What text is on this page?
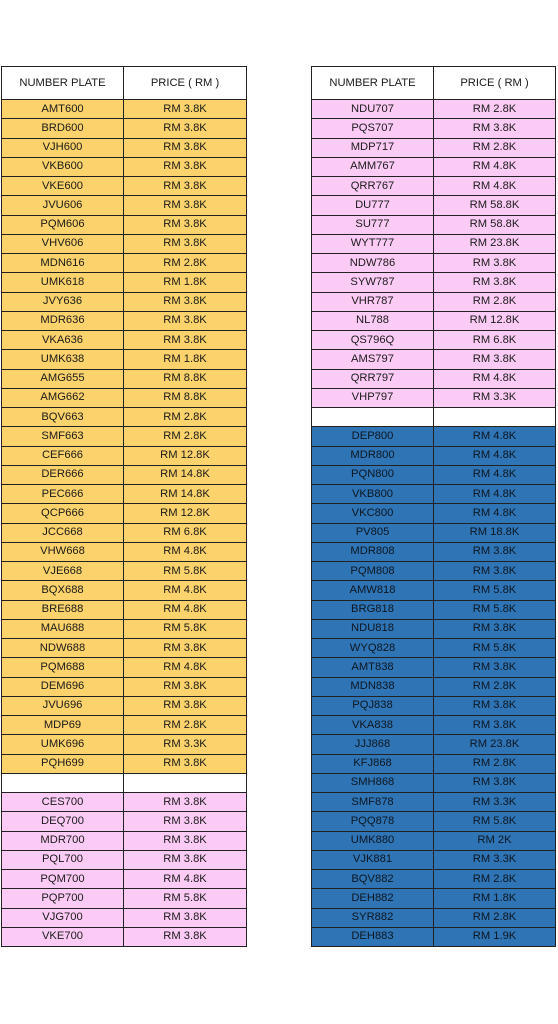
NUMBER PLATE	PRICE ( RM )
AMT600	RM 3.8K
BRD600	RM 3.8K
VJH600	RM 3.8K
VKB600	RM 3.8K
VKE600	RM 3.8K
JVU606	RM 3.8K
PQM606	RM 3.8K
VHV606	RM 3.8K
MDN616	RM 2.8K
UMK618	RM 1.8K
JVY636	RM 3.8K
MDR636	RM 3.8K
VKA636	RM 3.8K
UMK638	RM 1.8K
AMG655	RM 8.8K
AMG662	RM 8.8K
BQV663	RM 2.8K
SMF663	RM 2.8K
CEF666	RM 12.8K
DER666	RM 14.8K
PEC666	RM 14.8K
QCP666	RM 12.8K
JCC668	RM 6.8K
VHW668	RM 4.8K
VJE668	RM 5.8K
BQX688	RM 4.8K
BRE688	RM 4.8K
MAU688	RM 5.8K
NDW688	RM 3.8K
PQM688	RM 4.8K
DEM696	RM 3.8K
JVU696	RM 3.8K
MDP69	RM 2.8K
UMK696	RM 3.3K
PQH699	RM 3.8K

CES700	RM 3.8K
DEQ700	RM 3.8K
MDR700	RM 3.8K
PQL700	RM 3.8K
PQM700	RM 4.8K
PQP700	RM 5.8K
VJG700	RM 3.8K
VKE700	RM 3.8K
NUMBER PLATE	PRICE ( RM )
NDU707	RM 2.8K
PQS707	RM 3.8K
MDP717	RM 2.8K
AMM767	RM 4.8K
QRR767	RM 4.8K
DU777	RM 58.8K
SU777	RM 58.8K
WYT777	RM 23.8K
NDW786	RM 3.8K
SYW787	RM 3.8K
VHR787	RM 2.8K
NL788	RM 12.8K
QS796Q	RM 6.8K
AMS797	RM 3.8K
QRR797	RM 4.8K
VHP797	RM 3.3K

DEP800	RM 4.8K
MDR800	RM 4.8K
PQN800	RM 4.8K
VKB800	RM 4.8K
VKC800	RM 4.8K
PV805	RM 18.8K
MDR808	RM 3.8K
PQM808	RM 3.8K
AMW818	RM 5.8K
BRG818	RM 5.8K
NDU818	RM 3.8K
WYQ828	RM 5.8K
AMT838	RM 3.8K
MDN838	RM 2.8K
PQJ838	RM 3.8K
VKA838	RM 3.8K
JJJ868	RM 23.8K
KFJ868	RM 2.8K
SMH868	RM 3.8K
SMF878	RM 3.3K
PQQ878	RM 5.8K
UMK880	RM 2K
VJK881	RM 3.3K
BQV882	RM 2.8K
DEH882	RM 1.8K
SYR882	RM 2.8K
DEH883	RM 1.9K
